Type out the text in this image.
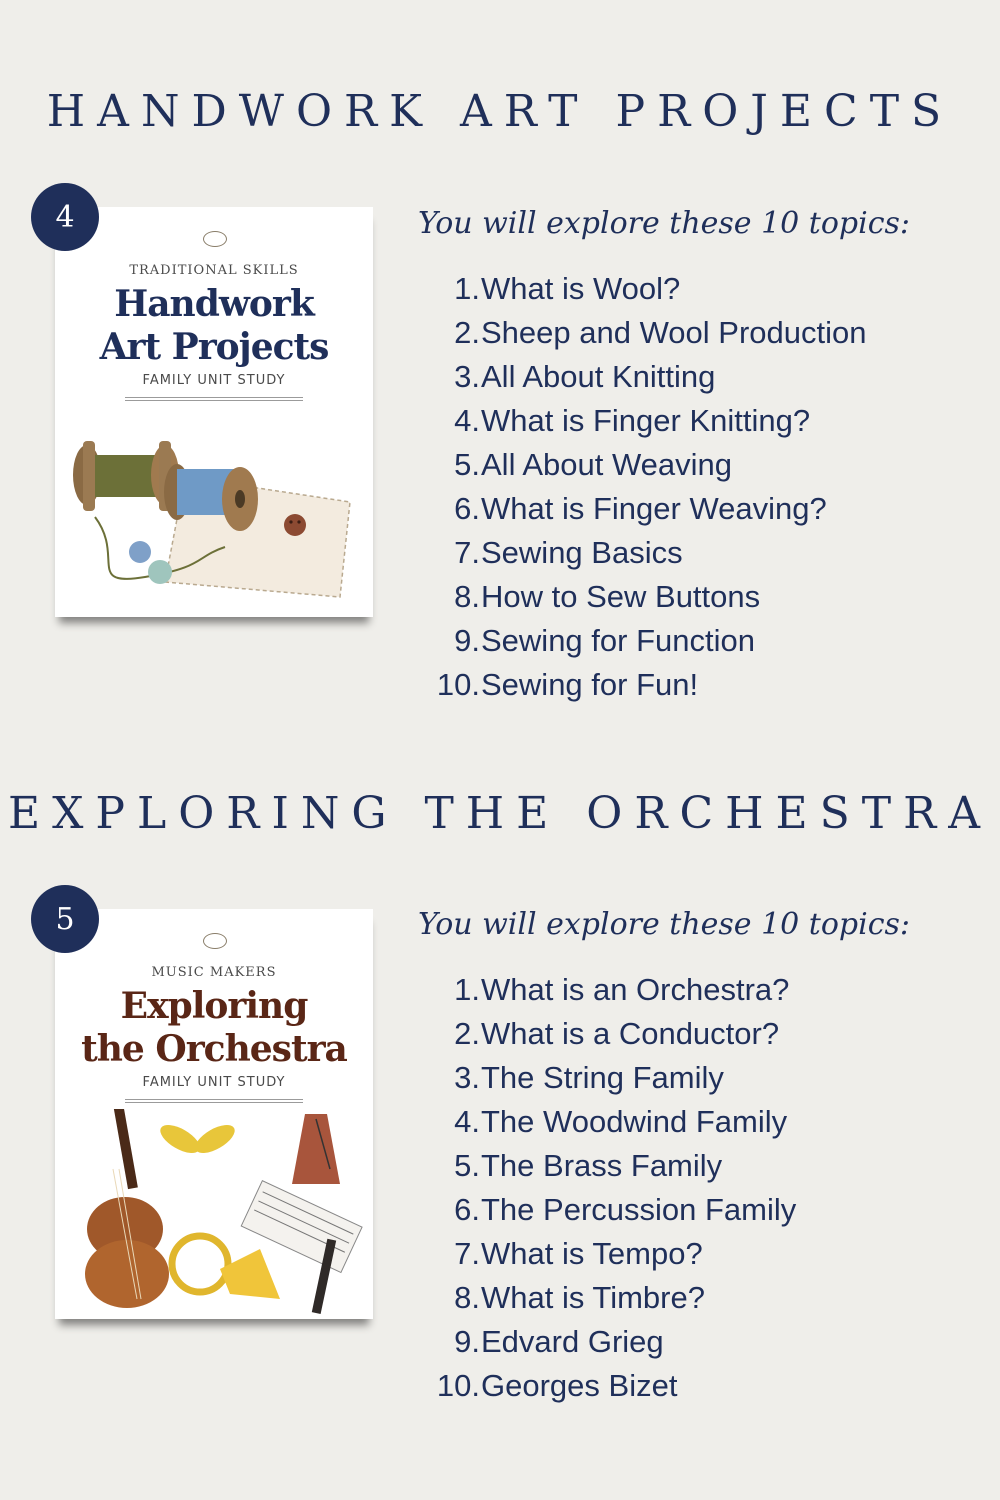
HANDWORK ART PROJECTS
4
TRADITIONAL SKILLS
Handwork
Art Projects
FAMILY UNIT STUDY
You will explore these 10 topics:
1.What is Wool?
2.Sheep and Wool Production
3.All About Knitting
4.What is Finger Knitting?
5.All About Weaving
6.What is Finger Weaving?
7.Sewing Basics
8.How to Sew Buttons
9.Sewing for Function
10.Sewing for Fun!
EXPLORING THE ORCHESTRA
5
MUSIC MAKERS
Exploring
the Orchestra
FAMILY UNIT STUDY
You will explore these 10 topics:
1.What is an Orchestra?
2.What is a Conductor?
3.The String Family
4.The Woodwind Family
5.The Brass Family
6.The Percussion Family
7.What is Tempo?
8.What is Timbre?
9.Edvard Grieg
10.Georges Bizet
